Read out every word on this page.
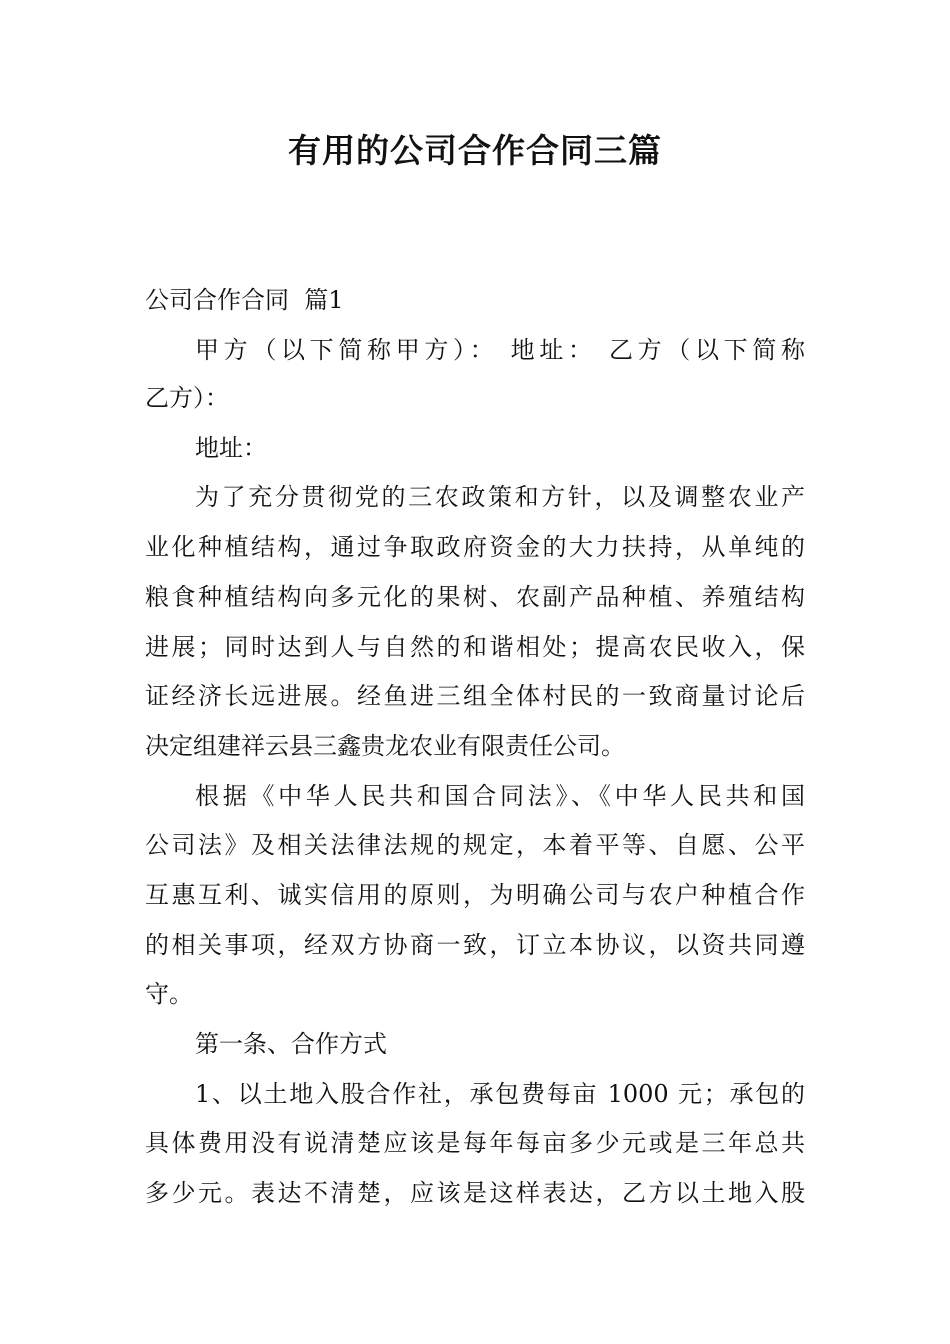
有用的公司合作合同三篇
公司合作合同  篇1
甲方（以下简称甲方）： 地址： 乙方（以下简称
乙方）：
地址：
为了充分贯彻党的三农政策和方针，以及调整农业产
业化种植结构，通过争取政府资金的大力扶持，从单纯的
粮食种植结构向多元化的果树、农副产品种植、养殖结构
进展；同时达到人与自然的和谐相处；提高农民收入，保
证经济长远进展。经鱼进三组全体村民的一致商量讨论后
决定组建祥云县三鑫贵龙农业有限责任公司。
根据《中华人民共和国合同法》、《中华人民共和国
公司法》及相关法律法规的规定，本着平等、自愿、公平
互惠互利、诚实信用的原则，为明确公司与农户种植合作
的相关事项，经双方协商一致，订立本协议，以资共同遵
守。
第一条、合作方式
1、以土地入股合作社，承包费每亩 1000 元；承包的
具体费用没有说清楚应该是每年每亩多少元或是三年总共
多少元。表达不清楚，应该是这样表达，乙方以土地入股
